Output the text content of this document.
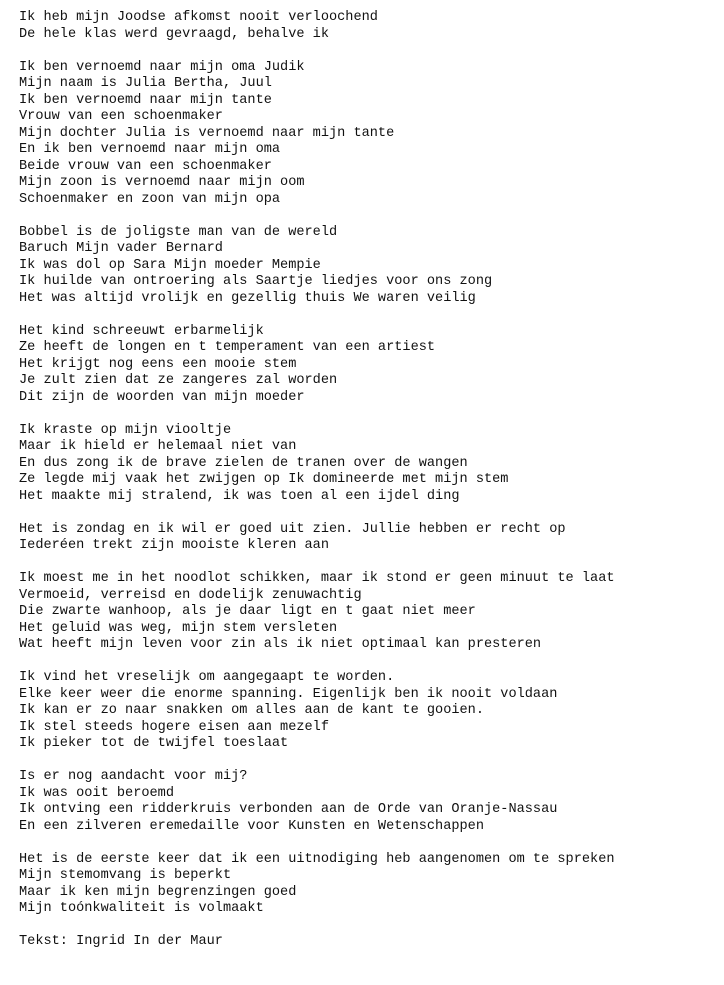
Ik heb mijn Joodse afkomst nooit verloochend
De hele klas werd gevraagd, behalve ik
Ik ben vernoemd naar mijn oma Judik
Mijn naam is Julia Bertha, Juul
Ik ben vernoemd naar mijn tante
Vrouw van een schoenmaker
Mijn dochter Julia is vernoemd naar mijn tante
En ik ben vernoemd naar mijn oma
Beide vrouw van een schoenmaker
Mijn zoon is vernoemd naar mijn oom
Schoenmaker en zoon van mijn opa
Bobbel is de joligste man van de wereld
Baruch Mijn vader Bernard
Ik was dol op Sara Mijn moeder Mempie
Ik huilde van ontroering als Saartje liedjes voor ons zong
Het was altijd vrolijk en gezellig thuis We waren veilig
Het kind schreeuwt erbarmelijk
Ze heeft de longen en t temperament van een artiest
Het krijgt nog eens een mooie stem
Je zult zien dat ze zangeres zal worden
Dit zijn de woorden van mijn moeder
Ik kraste op mijn viooltje
Maar ik hield er helemaal niet van
En dus zong ik de brave zielen de tranen over de wangen
Ze legde mij vaak het zwijgen op Ik domineerde met mijn stem
Het maakte mij stralend, ik was toen al een ijdel ding
Het is zondag en ik wil er goed uit zien. Jullie hebben er recht op
Iederéen trekt zijn mooiste kleren aan
Ik moest me in het noodlot schikken, maar ik stond er geen minuut te laat
Vermoeid, verreisd en dodelijk zenuwachtig
Die zwarte wanhoop, als je daar ligt en t gaat niet meer
Het geluid was weg, mijn stem versleten
Wat heeft mijn leven voor zin als ik niet optimaal kan presteren
Ik vind het vreselijk om aangegaapt te worden.
Elke keer weer die enorme spanning. Eigenlijk ben ik nooit voldaan
Ik kan er zo naar snakken om alles aan de kant te gooien.
Ik stel steeds hogere eisen aan mezelf
Ik pieker tot de twijfel toeslaat
Is er nog aandacht voor mij?
Ik was ooit beroemd
Ik ontving een ridderkruis verbonden aan de Orde van Oranje-Nassau
En een zilveren eremedaille voor Kunsten en Wetenschappen
Het is de eerste keer dat ik een uitnodiging heb aangenomen om te spreken
Mijn stemomvang is beperkt
Maar ik ken mijn begrenzingen goed
Mijn toónkwaliteit is volmaakt
Tekst: Ingrid In der Maur
